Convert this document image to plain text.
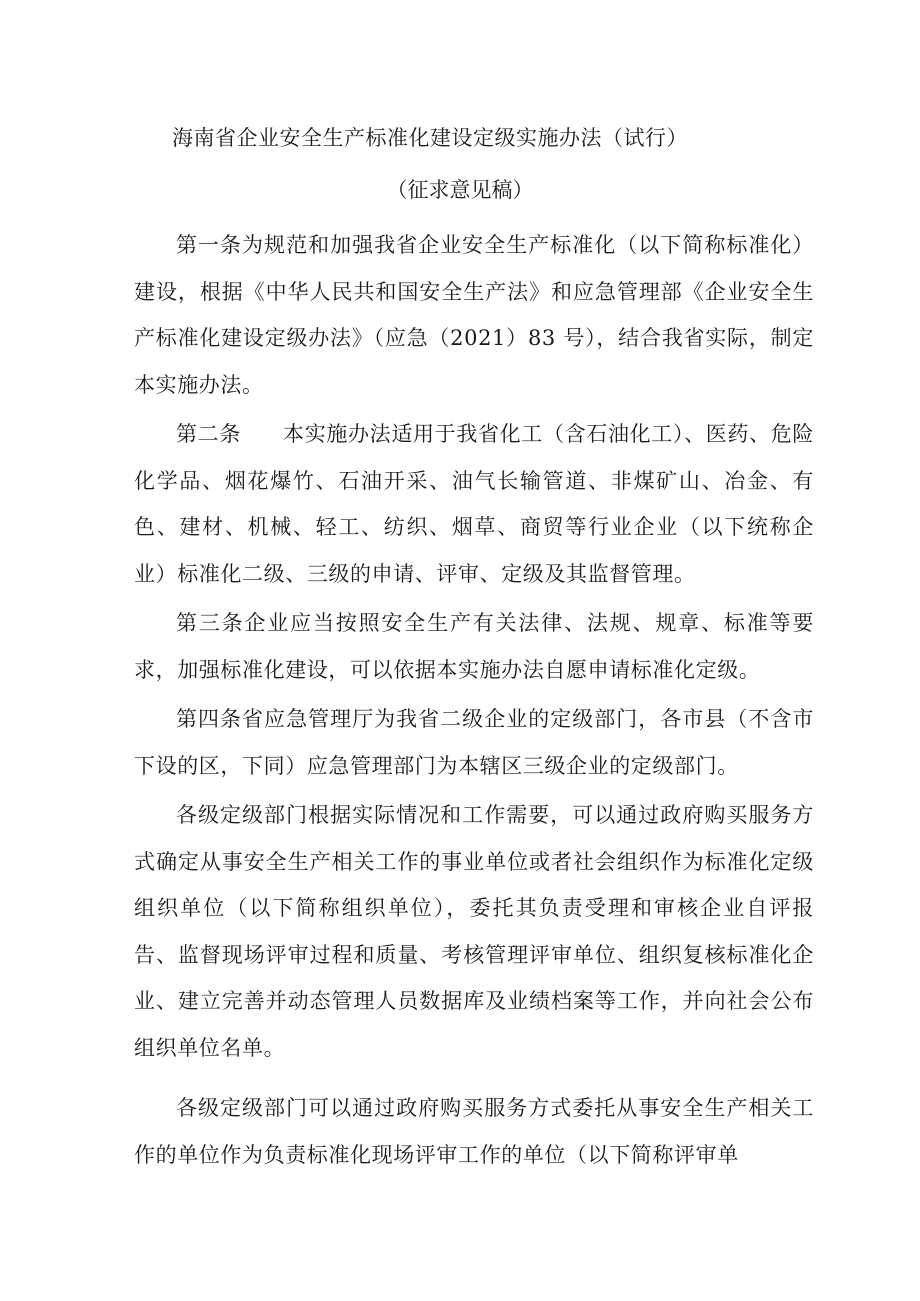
海南省企业安全生产标准化建设定级实施办法（试行）
（征求意见稿）

第一条为规范和加强我省企业安全生产标准化（以下简称标准化）建设，根据《中华人民共和国安全生产法》和应急管理部《企业安全生产标准化建设定级办法》（应急（2021）83 号），结合我省实际，制定本实施办法。

第二条 本实施办法适用于我省化工（含石油化工）、医药、危险化学品、烟花爆竹、石油开采、油气长输管道、非煤矿山、冶金、有色、建材、机械、轻工、纺织、烟草、商贸等行业企业（以下统称企业）标准化二级、三级的申请、评审、定级及其监督管理。

第三条企业应当按照安全生产有关法律、法规、规章、标准等要求，加强标准化建设，可以依据本实施办法自愿申请标准化定级。

第四条省应急管理厅为我省二级企业的定级部门，各市县（不含市下设的区，下同）应急管理部门为本辖区三级企业的定级部门。

各级定级部门根据实际情况和工作需要，可以通过政府购买服务方式确定从事安全生产相关工作的事业单位或者社会组织作为标准化定级组织单位（以下简称组织单位），委托其负责受理和审核企业自评报告、监督现场评审过程和质量、考核管理评审单位、组织复核标准化企业、建立完善并动态管理人员数据库及业绩档案等工作，并向社会公布组织单位名单。

各级定级部门可以通过政府购买服务方式委托从事安全生产相关工作的单位作为负责标准化现场评审工作的单位（以下简称评审单
